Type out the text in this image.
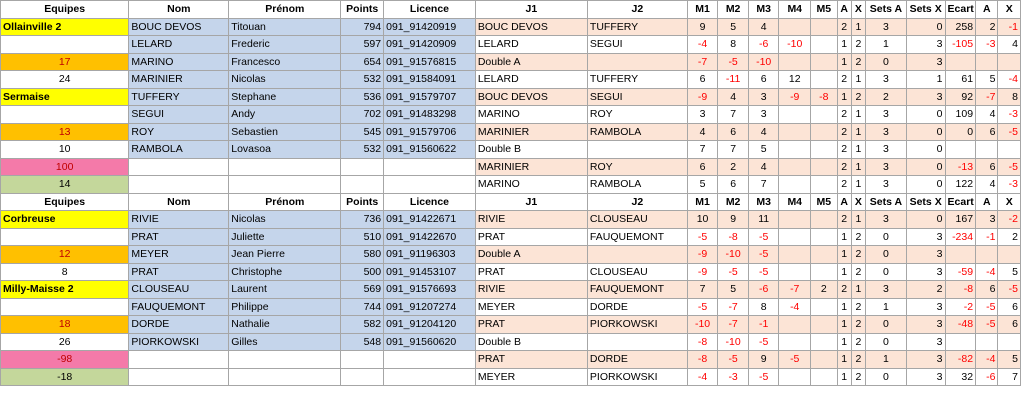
Equipes	Nom	Prénom	Points	Licence	J1	J2	M1	M2	M3	M4	M5	A	X	Sets A	Sets X	Ecart	A	X
Ollainville 2	BOUC DEVOS	Titouan	794	091_91420919	BOUC DEVOS	TUFFERY	9	5	4			2	1	3	0	258	2	-1
	LELARD	Frederic	597	091_91420909	LELARD	SEGUI	-4	8	-6	-10		1	2	1	3	-105	-3	4
17	MARINO	Francesco	654	091_91576815	Double A		-7	-5	-10			1	2	0	3			
24	MARINIER	Nicolas	532	091_91584091	LELARD	TUFFERY	6	-11	6	12		2	1	3	1	61	5	-4
Sermaise	TUFFERY	Stephane	536	091_91579707	BOUC DEVOS	SEGUI	-9	4	3	-9	-8	1	2	2	3	92	-7	8
	SEGUI	Andy	702	091_91483298	MARINO	ROY	3	7	3			2	1	3	0	109	4	-3
13	ROY	Sebastien	545	091_91579706	MARINIER	RAMBOLA	4	6	4			2	1	3	0	0	6	-5
10	RAMBOLA	Lovasoa	532	091_91560622	Double B		7	7	5			2	1	3	0			
100					MARINIER	ROY	6	2	4			2	1	3	0	-13	6	-5
14					MARINO	RAMBOLA	5	6	7			2	1	3	0	122	4	-3
Equipes	Nom	Prénom	Points	Licence	J1	J2	M1	M2	M3	M4	M5	A	X	Sets A	Sets X	Ecart	A	X
Corbreuse	RIVIE	Nicolas	736	091_91422671	RIVIE	CLOUSEAU	10	9	11			2	1	3	0	167	3	-2
	PRAT	Juliette	510	091_91422670	PRAT	FAUQUEMONT	-5	-8	-5			1	2	0	3	-234	-1	2
12	MEYER	Jean Pierre	580	091_91196303	Double A		-9	-10	-5			1	2	0	3			
8	PRAT	Christophe	500	091_91453107	PRAT	CLOUSEAU	-9	-5	-5			1	2	0	3	-59	-4	5
Milly-Maisse 2	CLOUSEAU	Laurent	569	091_91576693	RIVIE	FAUQUEMONT	7	5	-6	-7	2	2	1	3	2	-8	6	-5
	FAUQUEMONT	Philippe	744	091_91207274	MEYER	DORDE	-5	-7	8	-4		1	2	1	3	-2	-5	6
18	DORDE	Nathalie	582	091_91204120	PRAT	PIORKOWSKI	-10	-7	-1			1	2	0	3	-48	-5	6
26	PIORKOWSKI	Gilles	548	091_91560620	Double B		-8	-10	-5			1	2	0	3			
-98					PRAT	DORDE	-8	-5	9	-5		1	2	1	3	-82	-4	5
-18					MEYER	PIORKOWSKI	-4	-3	-5			1	2	0	3	32	-6	7
